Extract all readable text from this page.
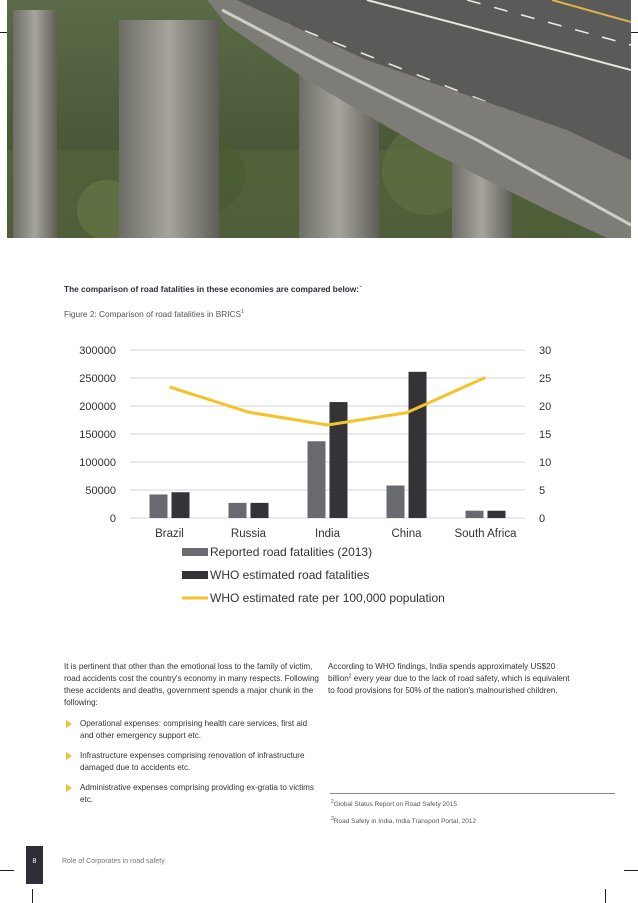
The comparison of road fatalities in these economies are compared below:`
Figure 2: Comparison of road fatalities in BRICS$^1$
300000	30
250000	25
200000	20
150000	15
100000	10
50000	5
0	0
Brazil	Russia	India	China	South Africa
Reported road fatalities (2013)
WHO estimated road fatalities
WHO estimated rate per 100,000 population

It is pertinent that other than the emotional loss to the family of victim, road accidents cost the country's economy in many respects. Following these accidents and deaths, government spends a major chunk in the following:

Operational expenses: comprising health care services, first aid and other emergency support etc.
Infrastructure expenses comprising renovation of infrastructure damaged due to accidents etc.
Administrative expenses comprising providing ex-gratia to victims etc.

According to WHO findings, India spends approximately US$20 billion$^2$ every year due to the lack of road safety, which is equivalent to food provisions for 50% of the nation's malnourished children.

$^2$Global Status Report on Road Safety 2015
$^3$Road Safety in India, India Transport Portal, 2012
8	Role of Corporates in road safety
